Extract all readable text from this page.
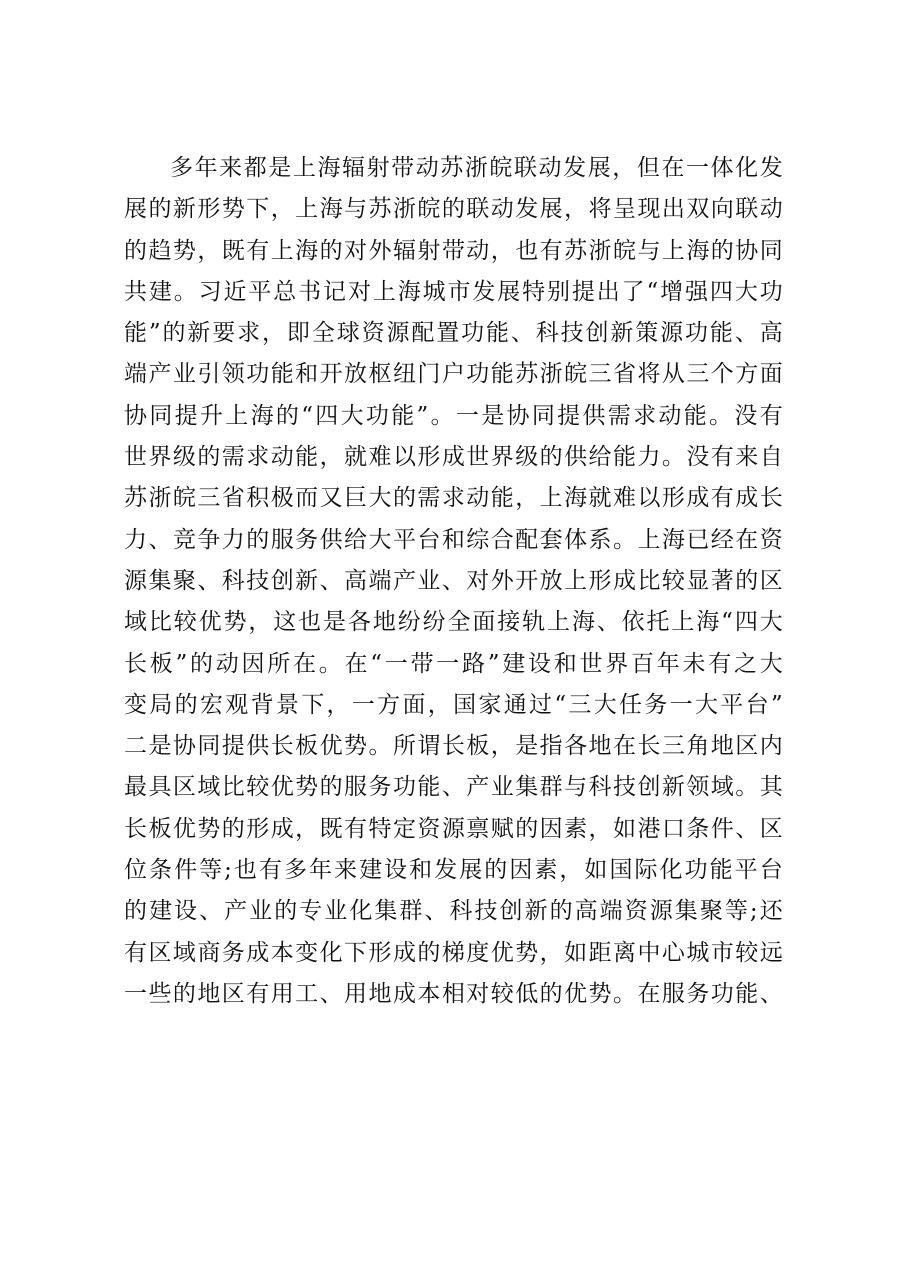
多年来都是上海辐射带动苏浙皖联动发展，但在一体化发
展的新形势下，上海与苏浙皖的联动发展，将呈现出双向联动
的趋势，既有上海的对外辐射带动，也有苏浙皖与上海的协同
共建。习近平总书记对上海城市发展特别提出了“增强四大功
能”的新要求，即全球资源配置功能、科技创新策源功能、高
端产业引领功能和开放枢纽门户功能苏浙皖三省将从三个方面
协同提升上海的“四大功能”。一是协同提供需求动能。没有
世界级的需求动能，就难以形成世界级的供给能力。没有来自
苏浙皖三省积极而又巨大的需求动能，上海就难以形成有成长
力、竞争力的服务供给大平台和综合配套体系。上海已经在资
源集聚、科技创新、高端产业、对外开放上形成比较显著的区
域比较优势，这也是各地纷纷全面接轨上海、依托上海“四大
长板”的动因所在。在“一带一路”建设和世界百年未有之大
变局的宏观背景下，一方面，国家通过“三大任务一大平台”
二是协同提供长板优势。所谓长板，是指各地在长三角地区内
最具区域比较优势的服务功能、产业集群与科技创新领域。其
长板优势的形成，既有特定资源禀赋的因素，如港口条件、区
位条件等;也有多年来建设和发展的因素，如国际化功能平台
的建设、产业的专业化集群、科技创新的高端资源集聚等;还
有区域商务成本变化下形成的梯度优势，如距离中心城市较远
一些的地区有用工、用地成本相对较低的优势。在服务功能、
